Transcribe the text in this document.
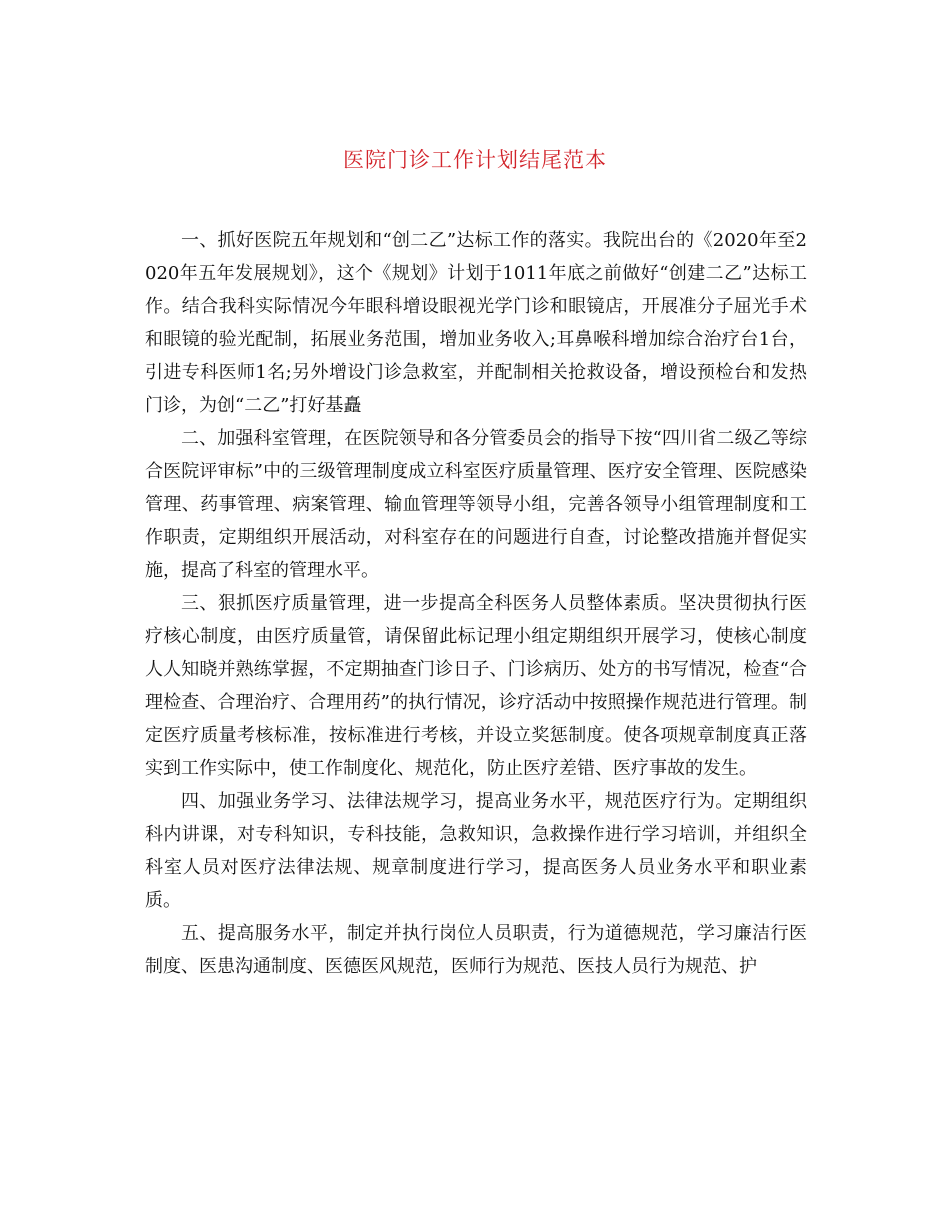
医院门诊工作计划结尾范本

一、抓好医院五年规划和“创二乙”达标工作的落实。我院出台的《2020年至2020年五年发展规划》，这个《规划》计划于1011年底之前做好“创建二乙”达标工作。结合我科实际情况今年眼科增设眼视光学门诊和眼镜店，开展准分子屈光手术和眼镜的验光配制，拓展业务范围，增加业务收入;耳鼻喉科增加综合治疗台1台，引进专科医师1名;另外增设门诊急救室，并配制相关抢救设备，增设预检台和发热门诊，为创“二乙”打好基矗

二、加强科室管理，在医院领导和各分管委员会的指导下按“四川省二级乙等综合医院评审标”中的三级管理制度成立科室医疗质量管理、医疗安全管理、医院感染管理、药事管理、病案管理、输血管理等领导小组，完善各领导小组管理制度和工作职责，定期组织开展活动，对科室存在的问题进行自查，讨论整改措施并督促实施，提高了科室的管理水平。

三、狠抓医疗质量管理，进一步提高全科医务人员整体素质。坚决贯彻执行医疗核心制度，由医疗质量管，请保留此标记理小组定期组织开展学习，使核心制度人人知晓并熟练掌握，不定期抽查门诊日子、门诊病历、处方的书写情况，检查“合理检查、合理治疗、合理用药”的执行情况，诊疗活动中按照操作规范进行管理。制定医疗质量考核标准，按标准进行考核，并设立奖惩制度。使各项规章制度真正落实到工作实际中，使工作制度化、规范化，防止医疗差错、医疗事故的发生。

四、加强业务学习、法律法规学习，提高业务水平，规范医疗行为。定期组织科内讲课，对专科知识，专科技能，急救知识，急救操作进行学习培训，并组织全科室人员对医疗法律法规、规章制度进行学习，提高医务人员业务水平和职业素质。

五、提高服务水平，制定并执行岗位人员职责，行为道德规范，学习廉洁行医制度、医患沟通制度、医德医风规范，医师行为规范、医技人员行为规范、护
